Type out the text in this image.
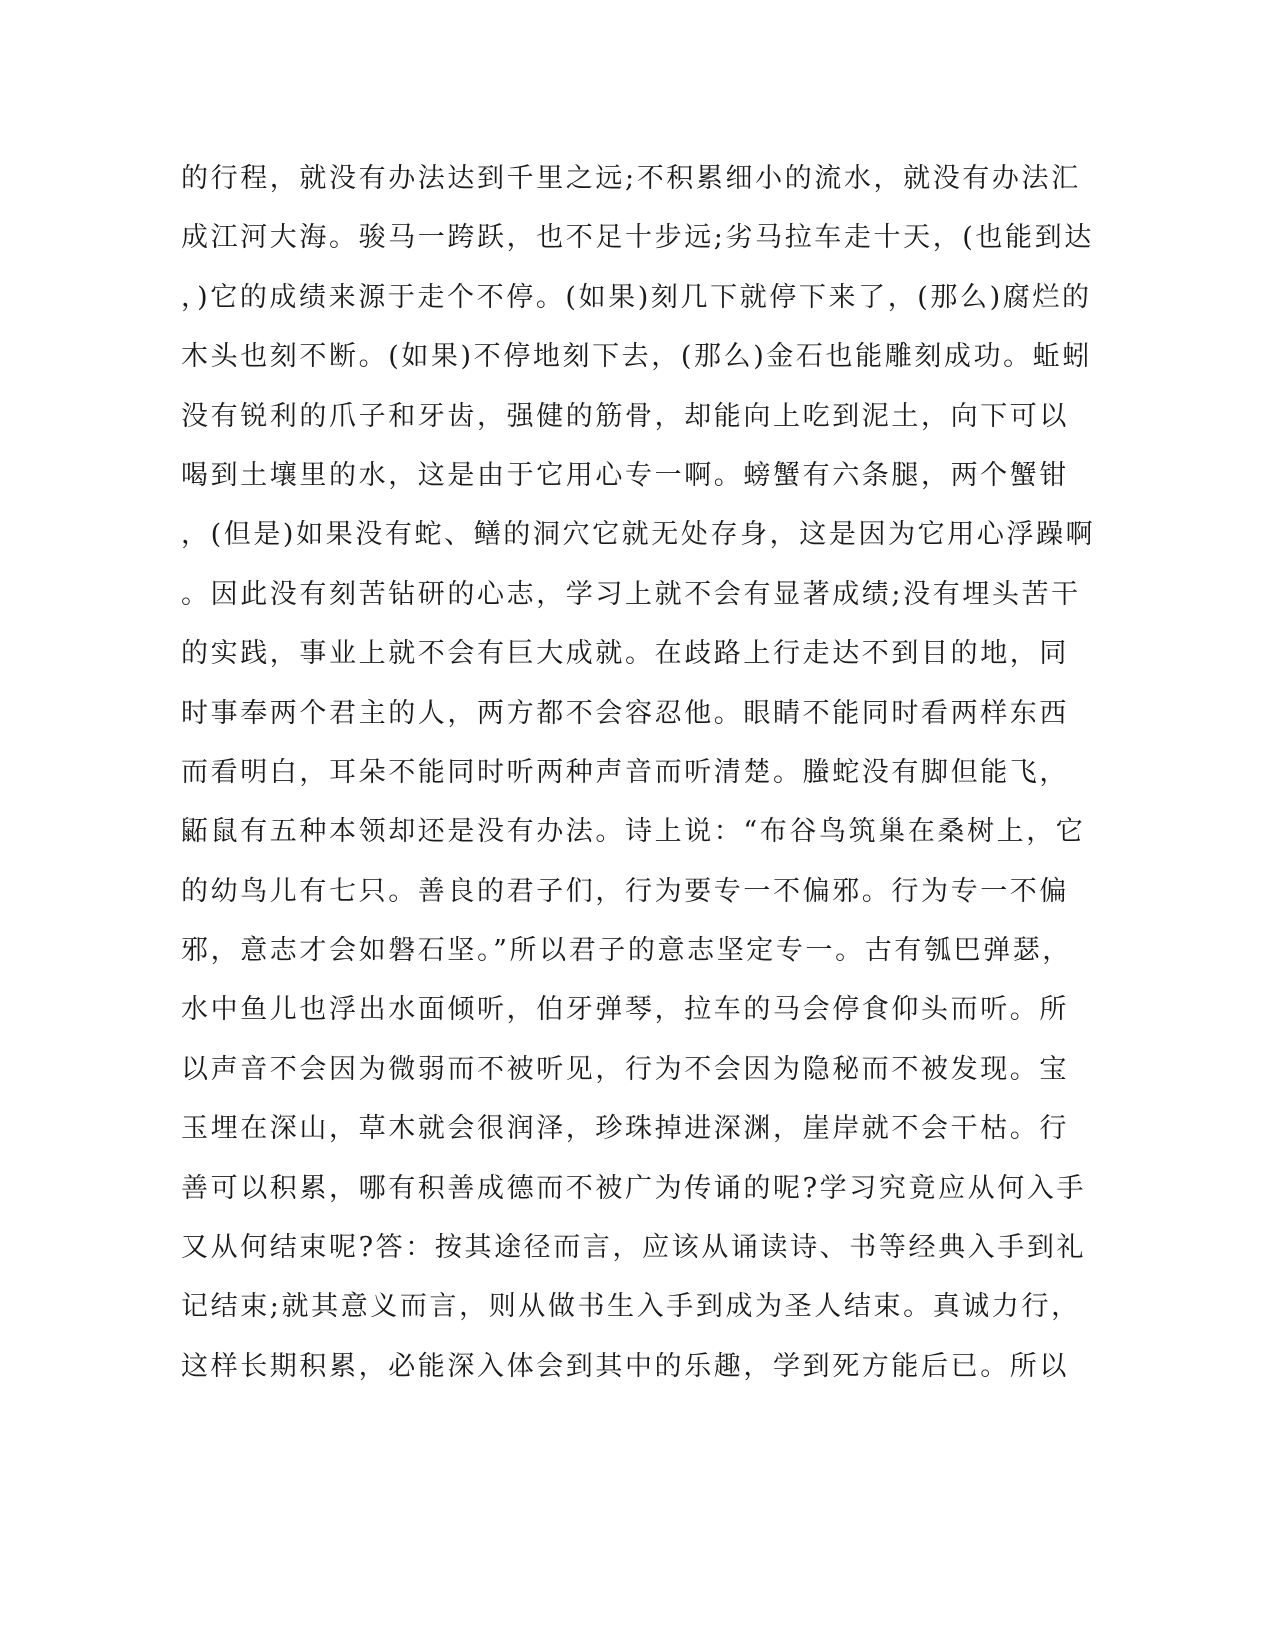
的行程，就没有办法达到千里之远;不积累细小的流水，就没有办法汇
成江河大海。骏马一跨跃，也不足十步远;劣马拉车走十天，(也能到达
，)它的成绩来源于走个不停。(如果)刻几下就停下来了，(那么)腐烂的
木头也刻不断。(如果)不停地刻下去，(那么)金石也能雕刻成功。蚯蚓
没有锐利的爪子和牙齿，强健的筋骨，却能向上吃到泥土，向下可以
喝到土壤里的水，这是由于它用心专一啊。螃蟹有六条腿，两个蟹钳
，(但是)如果没有蛇、鳝的洞穴它就无处存身，这是因为它用心浮躁啊
。因此没有刻苦钻研的心志，学习上就不会有显著成绩;没有埋头苦干
的实践，事业上就不会有巨大成就。在歧路上行走达不到目的地，同
时事奉两个君主的人，两方都不会容忍他。眼睛不能同时看两样东西
而看明白，耳朵不能同时听两种声音而听清楚。螣蛇没有脚但能飞，
鼫鼠有五种本领却还是没有办法。诗上说：“布谷鸟筑巢在桑树上，它
的幼鸟儿有七只。善良的君子们，行为要专一不偏邪。行为专一不偏
邪，意志才会如磐石坚。”所以君子的意志坚定专一。古有瓠巴弹瑟，
水中鱼儿也浮出水面倾听，伯牙弹琴，拉车的马会停食仰头而听。所
以声音不会因为微弱而不被听见，行为不会因为隐秘而不被发现。宝
玉埋在深山，草木就会很润泽，珍珠掉进深渊，崖岸就不会干枯。行
善可以积累，哪有积善成德而不被广为传诵的呢?学习究竟应从何入手
又从何结束呢?答：按其途径而言，应该从诵读诗、书等经典入手到礼
记结束;就其意义而言，则从做书生入手到成为圣人结束。真诚力行，
这样长期积累，必能深入体会到其中的乐趣，学到死方能后已。所以
